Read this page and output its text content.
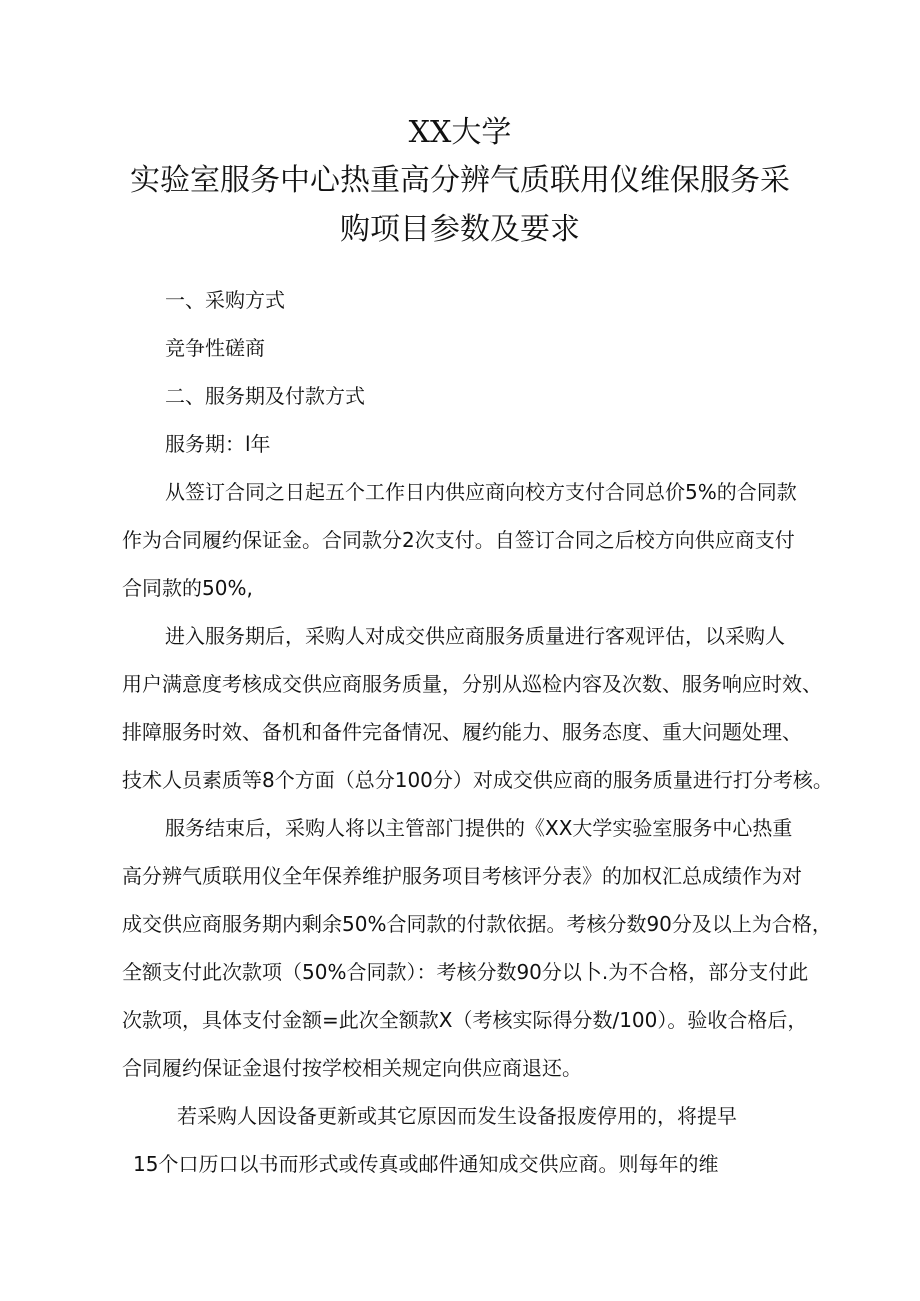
XX大学
实验室服务中心热重高分辨气质联用仪维保服务采
购项目参数及要求
一、采购方式
竞争性磋商
二、服务期及付款方式
服务期：l年
从签订合同之日起五个工作日内供应商向校方支付合同总价5%的合同款
作为合同履约保证金。合同款分2次支付。自签订合同之后校方向供应商支付
合同款的50%,
进入服务期后，采购人对成交供应商服务质量进行客观评估，以采购人
用户满意度考核成交供应商服务质量，分别从巡检内容及次数、服务响应时效、
排障服务时效、备机和备件完备情况、履约能力、服务态度、重大问题处理、
技术人员素质等8个方面（总分100分）对成交供应商的服务质量进行打分考核。
服务结束后，采购人将以主管部门提供的《XX大学实验室服务中心热重
高分辨气质联用仪全年保养维护服务项目考核评分表》的加权汇总成绩作为对
成交供应商服务期内剩余50%合同款的付款依据。考核分数90分及以上为合格，
全额支付此次款项（50%合同款）：考核分数90分以卜.为不合格，部分支付此
次款项，具体支付金额=此次全额款X（考核实际得分数/100）。验收合格后，
合同履约保证金退付按学校相关规定向供应商退还。
若采购人因设备更新或其它原因而发生设备报废停用的，将提早
15个口历口以书而形式或传真或邮件通知成交供应商。则每年的维
